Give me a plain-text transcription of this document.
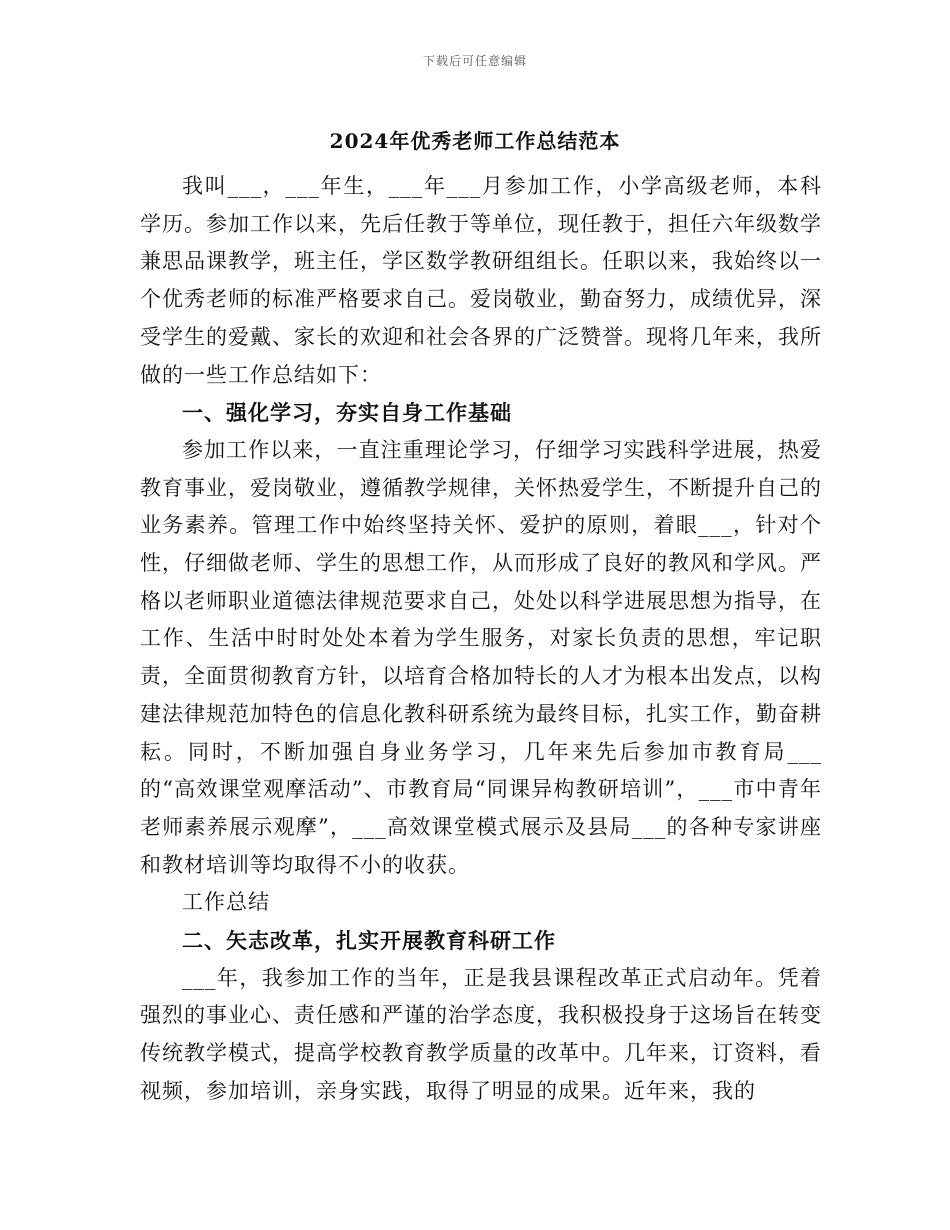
下载后可任意编辑
2024年优秀老师工作总结范本

我叫___，___年生，___年___月参加工作，小学高级老师，本科学历。参加工作以来，先后任教于等单位，现任教于，担任六年级数学兼思品课教学，班主任，学区数学教研组组长。任职以来，我始终以一个优秀老师的标准严格要求自己。爱岗敬业，勤奋努力，成绩优异，深受学生的爱戴、家长的欢迎和社会各界的广泛赞誉。现将几年来，我所做的一些工作总结如下：

一、强化学习，夯实自身工作基础

参加工作以来，一直注重理论学习，仔细学习实践科学进展，热爱教育事业，爱岗敬业，遵循教学规律，关怀热爱学生，不断提升自己的业务素养。管理工作中始终坚持关怀、爱护的原则，着眼___，针对个性，仔细做老师、学生的思想工作，从而形成了良好的教风和学风。严格以老师职业道德法律规范要求自己，处处以科学进展思想为指导，在工作、生活中时时处处本着为学生服务，对家长负责的思想，牢记职责，全面贯彻教育方针，以培育合格加特长的人才为根本出发点，以构建法律规范加特色的信息化教科研系统为最终目标，扎实工作，勤奋耕耘。同时，不断加强自身业务学习，几年来先后参加市教育局___的“高效课堂观摩活动”、市教育局“同课异构教研培训”，___市中青年老师素养展示观摩”，___高效课堂模式展示及县局___的各种专家讲座和教材培训等均取得不小的收获。

工作总结

二、矢志改革，扎实开展教育科研工作

___年，我参加工作的当年，正是我县课程改革正式启动年。凭着强烈的事业心、责任感和严谨的治学态度，我积极投身于这场旨在转变传统教学模式，提高学校教育教学质量的改革中。几年来，订资料，看视频，参加培训，亲身实践，取得了明显的成果。近年来，我的
